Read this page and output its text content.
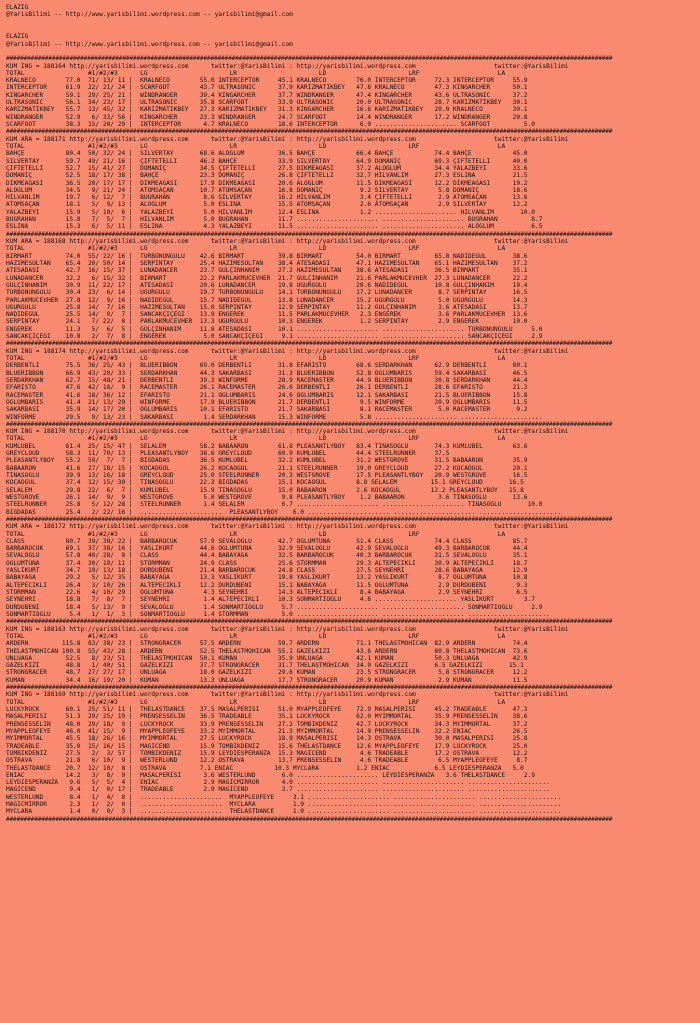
ELAZIG
@YarisBilimi -- http://www.yarisbilimi.wordpress.com -- yarisbilimi@gmail.com

ELAZIG
@YarisBilimi -- http://www.yarisbilimi.wordpress.com -- yarisbilimi@gmail.com

############################################################################################################################################################################
KUM ING = 188164 http://yarisbilimi.wordpress.com      twitter:@YarisBilimi : http://yarisbilimi.wordpress.com                     twitter:@YarisBilimi
TOTAL                 #1/#2/#3      LG                      LR                      LD                      LRF                     LA
KRALNECO        77.0  71/ 13/ 11 |  KRALNECO        55.0 INTERCEPTOR     45.1 KRALNECO        76.0 INTERCEPTOR     72.3 INTERCEPTOR     55.9
INTERCEPTOR     61.9  22/ 21/ 24 |  SCARFOOT        43.7 ULTRASONIC      37.9 KARIZMATIKBEY   47.8 KRALNECO        47.3 KINGARCHER      50.1
KINGARCHER      59.1  29/ 25/ 21 |  WINDRANGER      39.4 KINGARCHER      37.7 WINDRANGER      47.4 KINGARCHER      43.6 ULTRASONIC      37.2
ULTRASONIC      56.1  34/ 23/ 17 |  ULTRASONIC      35.8 SCARFOOT        33.9 ULTRASONIC      20.0 ULTRASONIC      28.7 KARIZMATIKBEY   30.1
KARIZMATIKBEY   55.7  13/ 45/ 32 |  KARIZMATIKBEY   27.3 KARIZMATIKBEY   31.3 KINGARCHER      16.6 KARIZMATIKBEY   20.0 KRALNECO        30.1
WINDRANGER      52.9   6/ 33/ 56 |  KINGARCHER      23.3 WINDRANGER      24.7 SCARFOOT        14.4 WINDRANGER      17.2 WINDRANGER      20.8
SCARFOOT        38.3  15/ 20/ 29 |  INTERCEPTOR      4.7 KRALNECO        18.6 INTERCEPTOR      6.9 ...................... SCARFOOT         5.0
############################################################################################################################################################################
KUM ARA = 188171 http://yarisbilimi.wordpress.com      twitter:@YarisBilimi : http://yarisbilimi.wordpress.com                     twitter:@YarisBilimi
TOTAL                 #1/#2/#3      LG                      LR                      LD                      LRF                     LA
BAHÇE           80.4  50/ 32/ 24 |  SILVERTAY       68.6 ALOGLUM         36.5 BAHÇE           66.4 BAHÇE           74.4 BAHÇE           45.0
SILVERTAY       59.7  49/ 21/ 16 |  ÇIFTETELLI      46.2 BAHÇE           33.9 SILVERTAY       64.9 DOMANIÇ         69.3 ÇIFTETELLI      40.0
ÇIFTETELLI      52.7  15/ 41/ 27 |  DOMANIÇ         34.5 ÇIFTETELLI      27.5 DIKMEAGASI      37.2 ALOGLUM         34.4 YALAZBEYI       33.6
DOMANIÇ         52.5  18/ 17/ 38 |  BAHÇE           23.3 DOMANIÇ         26.8 ÇIFTETELLI      32.7 HILVANLIM       27.3 ESLINA          21.5
DIKMEAGASI      36.5  20/ 17/ 17 |  DIKMEAGASI      17.9 DIKMEAGASI      20.6 ALOGLUM         11.5 DIKMEAGASI      12.2 DIKMEAGASI      19.2
ALOGLUM         34.5   9/ 21/ 24 |  ATOMSAÇAN       10.7 ATOMSAÇAN       16.8 DOMANIÇ          9.2 SILVERTAY        5.8 DOMANIÇ         18.6
HILVANLIM       19.7   6/ 12/  7 |  BUGRAHAN         8.6 SILVERTAY       16.2 HILVANLIM        3.4 ÇIFTETELLI       2.9 ATOMSAÇAN       13.6
ATOMSAÇAN       18.1   5/  9/ 13 |  ALOGLUM          5.0 ESLINA          15.5 ATOMSAÇAN        2.6 ATOMSAÇAN        2.9 SILVERTAY       12.2
YALAZBEYI       15.9   5/ 10/  6 |  YALAZBEYI        5.0 HILVANLIM       12.4 ESLINA           1.2 ...................... HILVANLIM       10.0
BUGRAHAN        15.8   7/  5/  7 |  HILVANLIM        5.0 BUGRAHAN        11.7 ...................... ...................... BUGRAHAN         8.7
ESLINA          15.3   6/  5/ 11 |  ESLINA           4.3 YALAZBEYI       11.5 ...................... ...................... ALOGLUM          6.5
############################################################################################################################################################################
KUM ARA = 188168 http://yarisbilimi.wordpress.com      twitter:@YarisBilimi : http://yarisbilimi.wordpress.com                     twitter:@YarisBilimi
TOTAL                 #1/#2/#3      LG                      LR                      LD                      LRF                     LA
BIRMART         74.0  55/ 22/ 16 |  TURBONUNGÜLÜ    42.6 BIRMART         39.8 BIRMART         54.0 BIRMART         65.8 NADIDEGÜL       38.6
HAZIMESULTAN    65.4  20/ 50/ 14 |  SERPINTAY       25.4 HAZIMESULTAN    38.4 ATESADASI       47.1 HAZIMESULTAN    65.1 HAZIMESULTAN    37.2
ATESADASI       42.7  16/ 15/ 37 |  LUNADANCER      23.7 GÜLÇINHANIM     27.2 HAZIMESULTAN    38.6 ATESADASI       36.5 BIRMART         35.1
LUNADANCER      32.2   6/ 15/ 32 |  BIRMART         22.2 PARLAKMÜCEVHER  21.7 GÜLÇINHANIM     21.6 PARLAKMÜCEVHER  27.3 LUNADANCER      22.2
GÜLÇINHANIM     30.9  11/ 22/ 17 |  ATESADASI       20.6 LUNADANCER      19.8 UGURGÜLÜ        20.6 NADIDEGÜL       10.8 GÜLÇINHANIM     19.4
TURBONUNGÜLÜ    30.4  23/  6/ 14 |  UGURGÜLÜ        19.7 TURBONUNGÜLÜ    14.1 TURBONUNGÜLÜ    17.2 LUNADANCER       8.7 SERPINTAY       16.5
PARLAKMÜCEVHER  27.8  12/  9/ 16 |  NADIDEGÜL       15.7 NADIDEGÜL       13.8 LUNADANCER      15.2 UGURGÜLÜ         5.0 UGURGÜLÜ        14.3
UGURGÜLÜ        25.8  14/  7/ 16 |  HAZIMESULTAN    15.0 SERPINTAY       12.9 SERPINTAY       11.2 GÜLÇINHANIM      3.6 ATESADASI       13.7
NADIDEGÜL       25.5  14/  9/  7 |  SANCAKÇIÇEGI    13.9 ENGEREK         11.5 PARLAKMÜCEVHER   2.3 ENGEREK          3.6 PARLAKMÜCEVHER  13.6
SERPINTAY       24.1   7/ 22/  8 |  PARLAKMÜCEVHER  13.3 UGURGÜLÜ        10.3 ENGEREK          1.2 SERPINTAY        2.9 ENGEREK         10.0
ENGEREK         11.3   5/  6/  5 |  GÜLÇINHANIM     11.8 ATESADASI       10.1 ...................... ...................... TURBONUNGÜLÜ     5.0
SANCAKÇIÇEGI    10.8   2/  7/  8 |  ENGEREK          5.0 SANCAKÇIÇEGI     9.1 ...................... ...................... SANCAKÇIÇEGI     2.9
############################################################################################################################################################################
KUM ING = 188174 http://yarisbilimi.wordpress.com      twitter:@YarisBilimi : http://yarisbilimi.wordpress.com                     twitter:@YarisBilimi
TOTAL                 #1/#2/#3      LG                      LR                      LD                      LRF                     LA
DERBENTLI       75.5  36/ 25/ 43 |  BLUERIBBON      69.0 DERBENTLI       31.8 EFARISTO        68.6 SERDARKHAN      62.9 DERBENTLI       80.1
BLUERIBBON      66.9  43/ 20/ 33 |  SERDARKHAN      44.3 SAKARBASI       31.3 BLUERIBBON      52.8 OGLUMBARIS      59.4 SAKARBASI       46.5
SERDARKHAN      62.7  15/ 48/ 21 |  DERBENTLI       39.3 WINFORME        28.9 RACEMASTER      44.9 BLUERIBBON      30.8 SERDARKHAN      44.4
EFARISTO        47.6  42/ 18/  9 |  RACEMASTER      26.1 RACEMASTER      26.6 DERBENTLI       26.1 DERBENTLI       28.6 EFARISTO        21.3
RACEMASTER      41.6  18/ 36/ 12 |  EFARISTO        21.1 OGLUMBARIS      24.6 OGLUMBARIS      12.1 SAKARBASI       21.5 BLUERIBBON      15.8
OGLUMBARIS      41.4  21/ 13/ 29 |  WINFORME        17.9 BLUERIBBON      21.7 DERBENTLI        9.5 WINFORME        20.9 OGLUMBARIS      11.5
SAKARBASI       35.9  14/ 17/ 20 |  OGLUMBARIS      10.1 EFARISTO        21.7 SAKARBASI        8.1 RACEMASTER       5.0 RACEMASTER       9.2
WINFORME        29.5   9/ 13/ 23 |  SAKARBASI        1.4 SERDARKHAN      15.3 WINFORME         5.8 ...................... ......................
############################################################################################################################################################################
KUM ING = 188170 http://yarisbilimi.wordpress.com      twitter:@YarisBilimi : http://yarisbilimi.wordpress.com                     twitter:@YarisBilimi
TOTAL                 #1/#2/#3      LG                      LR                      LD                      LRF                     LA
KUMLUBEL        61.4  25/ 15/ 47 |  SELALEM         58.2 BABAARON        61.8 PLEASANTLYBOY   83.4 TINASOGLU       74.3 KUMLUBEL        63.6
GREYCLOUD       58.3  11/ 70/ 13 |  PLEASANTLYBOY   38.6 GREYCLOUD       60.9 KUMLUBEL        44.4 STEELRUNNER     37.5
PLEASANTLYBOY   55.2  59/  7/  7 |  BIGDADAS        36.5 KUMLUBEL        32.2 KUMLUBEL        31.2 WESTGROVE       31.5 BABAARON        35.9
BABAARON        41.6  27/ 18/ 15 |  KOCAOGUL        26.2 KOCAOGUL        21.1 STEELRUNNER     19.0 GREYCLOUD       27.2 KOCAOGUL        20.1
TINASOGLU       39.9  13/ 16/ 18 |  GREYCLOUD       25.0 STEELRUNNER     20.3 WESTGROVE       17.5 PLEASANTLYBOY   20.9 WESTGROVE       16.5
KOCAOGUL        37.4  12/ 15/ 30 |  TINASOGLU       22.3 BIGDADAS        15.1 KOCAOGUL        8.8 SELALEM         15.1 GREYCLOUD       16.5
SELALEM         29.8  22/  6/  7 |  KUMLUBEL        15.9 TINASOGLU       15.0 BABAARON        2.6 KOCAOGUL        12.2 PLEASANTLYBOY   15.8
WESTGROVE       26.1  14/  9/  9 |  WESTGROVE        5.0 WESTGROVE        9.8 PLEASANTLYBOY    1.2 BABAARON         3.6 TINASOGLU       13.6
STEELRUNNER     25.8   5/ 12/ 28 |  STEELRUNNER      1.4 SELALEM          6.7 ...................... ...................... TINASOGLU       10.0
BIGDADAS        25.4   2/ 22/ 16 |  ......................  PLEASANTLYBOY    6.0 ...................... ...................... ......................
############################################################################################################################################################################
KUM ARA = 188172 http://yarisbilimi.wordpress.com      twitter:@YarisBilimi : http://yarisbilimi.wordpress.com                     twitter:@YarisBilimi
TOTAL                 #1/#2/#3      LG                      LR                      LD                      LRF                     LA
CLASS           80.7  39/ 38/ 22 |  BARBAROCUK      57.9 SEVALOGLU       42.7 OGLUMTUNA       51.4 CLASS           74.4 CLASS           85.7
BARBAROCUK      69.1  37/ 38/ 16 |  YASLIKURT       44.6 OGLUMTUNA       32.9 SEVALOGLU       42.9 SEVALOGLU       49.3 BARBAROCUK      44.4
SEVALOGLU       57.8  40/ 28/  8 |  CLASS           44.4 BABAYAGA        32.5 BARBAROCUK      40.3 BARBAROCUK      31.5 SEVALOGLU       35.1
OGLUMTUNA       37.4  30/ 19/ 11 |  STORMMAN        24.9 CLASS           25.6 STORMMAN        29.3 ALTEPECIKLI     30.9 ALTEPECIKLI     18.7
YASLIKURT       34.7  19/ 13/ 18 |  DURDUBENI       21.4 BARBAROCUK      24.8 CLASS           27.5 SEYNEHRI        28.6 BABAYAGA        12.9
BABAYAGA        29.2   5/ 12/ 35 |  BABAYAGA        13.3 YASLIKURT       19.8 YASLIKURT       13.2 YASLIKURT        8.7 OGLUMTUNA       10.8
ALTEPECIKLI     26.4   3/ 10/ 26 |  ALTEPECIKLI     12.2 DURDUBENI       15.1 BABAYAGA        11.5 OGLUMTUNA        2.9 DURDUBENI        9.3
STORMMAN        22.6   4/ 10/ 29 |  OGLUMTUNA        4.3 SEYNEHRI        14.3 ALTEPECIKLI      8.4 BABAYAGA         2.9 SEYNEHRI         6.5
SEYNEHRI        18.8   7/  8/  7 |  SEYNEHRI         1.4 ALTEPECIKLI     10.3 SONMARTIOGLU     4.6 ...................... YASLIKURT        3.7
DURDUBENI       18.4   5/ 13/  9 |  SEVALOGLU        1.4 SONMARTIOGLU     5.7 ...................... ...................... SONMARTIOGLU     2.9
SONMARTIOGLU     5.4   1/  1/  3 |  SONMARTIOGLU     1.4 STORMMAN         5.0 ...................... ...................... ......................
############################################################################################################################################################################
KUM ING = 188163 http://yarisbilimi.wordpress.com      twitter:@YarisBilimi : http://yarisbilimi.wordpress.com                     twitter:@YarisBilimi
TOTAL                 #1/#2/#3      LG                      LR                      LD                      LRF                     LA
ARDERN         115.8  83/ 38/ 23 |  STRONGRACER     57.5 ARDERN          59.7 ARDERN          71.1 THELASTMOHICAN  82.9 ARDERN          74.4
THELASTMOHICAN 100.8  55/ 43/ 28 |  ARDERN          52.5 THELASTMOHICAN  55.1 GAZELKIZI       43.6 ARDERN          80.8 THELASTMOHICAN  73.6
ÜNLÜAGA         52.5   8/ 23/ 51 |  THELASTMOHICAN  50.1 KUMAN           35.9 ÜNLÜAGA         42.1 KUMAN           50.3 ÜNLÜAGA         42.9
GAZELKIZI       48.8   1/ 40/ 51 |  GAZELKIZI       37.7 STRONGRACER     31.7 THELASTMOHICAN  34.9 GAZELKIZI       6.5 GAZELKIZI       15.1
STRONGRACER     48.7  27/ 27/ 17 |  ÜNLÜAGA         18.0 GAZELKIZI       29.6 KUMAN           23.5 STRONGRACER      5.8 STRONGRACER     12.2
KUMAN           34.4  16/ 19/ 20 |  KUMAN           13.3 ÜNLÜAGA         17.7 STRONGRACER     20.9 KUMAN            2.9 KUMAN           11.5
############################################################################################################################################################################
KUM ING = 188169 http://yarisbilimi.wordpress.com      twitter:@YarisBilimi : http://yarisbilimi.wordpress.com                     twitter:@YarisBilimi
TOTAL                 #1/#2/#3      LG                      LR                      LD                      LRF                     LA
LUCKYROCK       60.1  25/ 51/ 11 |  THELASTDANCE    37.5 MASALPERISI     51.0 MYAPPLEOFEYE    72.9 MASALPERISI     45.2 TRADEABLE       47.3
MASALPERISI     51.3  29/ 25/ 19 |  PRENSESSELIN    36.5 TRADEABLE       35.1 LUCKYROCK       62.0 MYIMMORTAL      35.9 PRENSESSELIN    38.6
PRENSESSELIN    48.0  29/ 18/  9 |  LUCKYROCK       33.9 PRENSESSELIN    27.2 TOMBIKDENIZ     42.7 LUCKYROCK       34.3 MYIMMORTAL      37.2
MYAPPLEOFEYE    46.0  41/ 15/  9 |  MYAPPLEOFEYE    33.2 MYIMMORTAL      21.3 MYIMMORTAL      14.9 PRENSESSELIN    32.2 ENIAC           26.5
MYIMMORTAL      45.5  18/ 26/ 16 |  MYIMMORTAL      27.5 LUCKYROCK       18.9 MASALPERISI     14.3 OSTRAVA         30.0 MASALPERISI     25.8
TRADEABLE       35.0  15/ 16/ 15 |  MAGICEND        15.9 TOMBIKDENIZ     15.6 THELASTDANCE    12.6 MYAPPLEOFEYE    17.9 LUCKYROCK       25.0
TOMBIKDENIZ     27.5   2/  3/ 57 |  TOMBIKDENIZ     15.9 LEYDIESPERANZA  15.3 MAGICEND         4.6 TRADEABLE       17.2 OSTRAVA         12.2
OSTRAVA         21.8   6/ 10/  9 |  WESTERLUND      12.2 OSTRAVA         13.7 PRENSESSELIN     4.6 TRADEABLE        6.5 MYAPPLEOFEYE     8.7
THELASTDANCE    20.7  12/ 10/  8 |  OSTRAVA         7.1 ENIAC           10.3 MYCLARA          1.2 ENIAC            6.5 LEYDIESPERANZA   5.0
ENIAC           14.2   3/  8/  9 |  MASALPERISI      3.6 WESTERLUND       6.0 ...................... LEYDIESPERANZA   3.6 THELASTDANCE     2.9
LEYDIESPERANZA   9.6   5/  5/  4 |  ENIAC            2.9 MAGICMIRROR      4.0 ...................... ...................... ......................
MAGICEND         9.4   1/  0/ 17 |  TRADEABLE        2.9 MAGICEND         3.7 ...................... ...................... ......................
WESTERLUND       8.4   1/  4/  8 |  ......................  MYAPPLEOFEYE     3.1 ...................... ...................... ......................
MAGICMIRROR      2.3   1/  2/  0 |  ......................  MYCLARA          1.9 ...................... ...................... ......................
MYCLARA          1.4   0/  0/  3 |  ......................  THELASTDANCE     1.0 ...................... ...................... ......................
############################################################################################################################################################################
